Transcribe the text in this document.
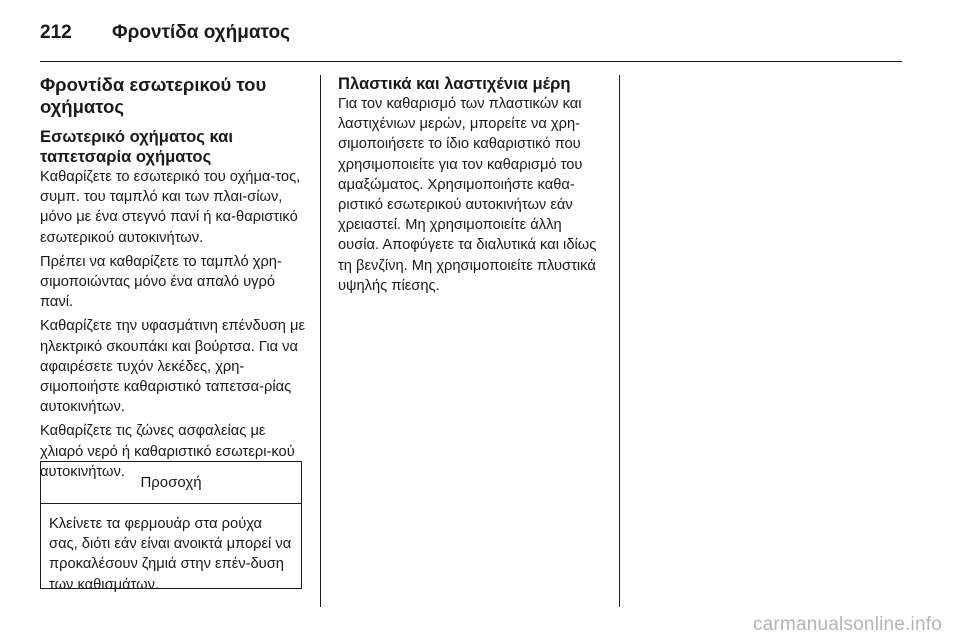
212	Φροντίδα οχήματος
Φροντίδα εσωτερικού του οχήματος
Εσωτερικό οχήματος και ταπετσαρία οχήματος

Καθαρίζετε το εσωτερικό του οχήμα-τος, συμπ. του ταμπλό και των πλαι-σίων, μόνο με ένα στεγνό πανί ή κα-θαριστικό εσωτερικού αυτοκινήτων.

Πρέπει να καθαρίζετε το ταμπλό χρη-σιμοποιώντας μόνο ένα απαλό υγρό πανί.

Καθαρίζετε την υφασμάτινη επένδυση με ηλεκτρικό σκουπάκι και βούρτσα. Για να αφαιρέσετε τυχόν λεκέδες, χρη-σιμοποιήστε καθαριστικό ταπετσα-ρίας αυτοκινήτων.

Καθαρίζετε τις ζώνες ασφαλείας με χλιαρό νερό ή καθαριστικό εσωτερι-κού αυτοκινήτων.

Προσοχή
Κλείνετε τα φερμουάρ στα ρούχα σας, διότι εάν είναι ανοικτά μπορεί να προκαλέσουν ζημιά στην επέν-δυση των καθισμάτων.
Πλαστικά και λαστιχένια μέρη

Για τον καθαρισμό των πλαστικών και λαστιχένιων μερών, μπορείτε να χρη-σιμοποιήσετε το ίδιο καθαριστικό που χρησιμοποιείτε για τον καθαρισμό του αμαξώματος. Χρησιμοποιήστε καθα-ριστικό εσωτερικού αυτοκινήτων εάν χρειαστεί. Μη χρησιμοποιείτε άλλη ουσία. Αποφύγετε τα διαλυτικά και ιδίως τη βενζίνη. Μη χρησιμοποιείτε πλυστικά υψηλής πίεσης.

carmanualsonline.info
